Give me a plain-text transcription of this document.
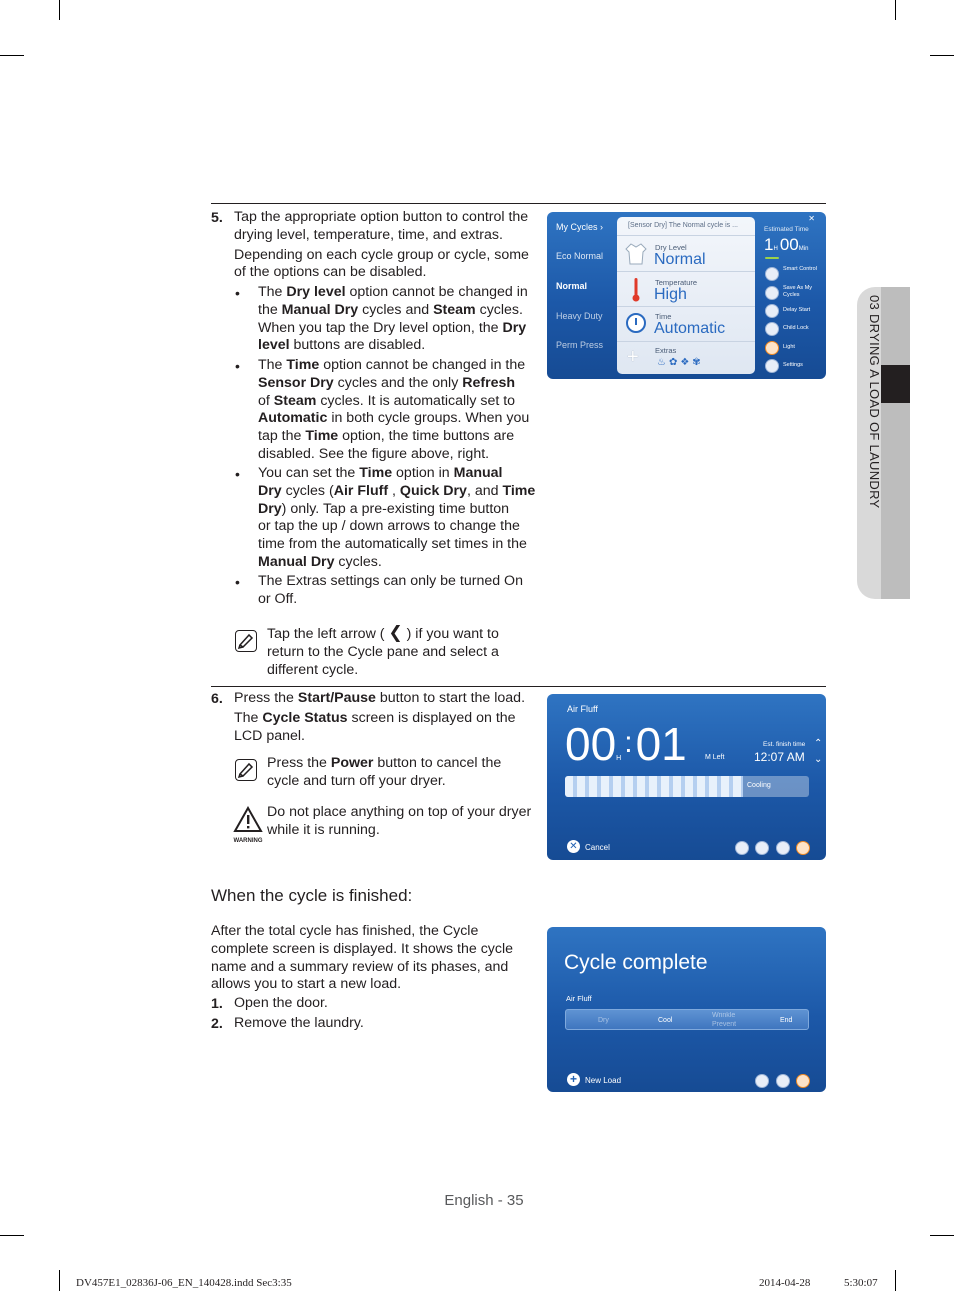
03 DRYING A LOAD OF LAUNDRY
5. Tap the appropriate option button to control the
drying level, temperature, time, and extras.
Depending on each cycle group or cycle, some
of the options can be disabled.
• The Dry level option cannot be changed in
the Manual Dry cycles and Steam cycles.
When you tap the Dry level option, the Dry
level buttons are disabled.
• The Time option cannot be changed in the
Sensor Dry cycles and the only Refresh
of Steam cycles. It is automatically set to
Automatic in both cycle groups. When you
tap the Time option, the time buttons are
disabled. See the figure above, right.
• You can set the Time option in Manual
Dry cycles (Air Fluff , Quick Dry, and Time
Dry) only. Tap a pre-existing time button
or tap the up / down arrows to change the
time from the automatically set times in the
Manual Dry cycles.
• The Extras settings can only be turned On
or Off.
Tap the left arrow ( ❮ ) if you want to
return to the Cycle pane and select a
different cycle.
6. Press the Start/Pause button to start the load.
The Cycle Status screen is displayed on the
LCD panel.
Press the Power button to cancel the
cycle and turn off your dryer.
WARNING
Do not place anything on top of your dryer
while it is running.
When the cycle is finished:
After the total cycle has finished, the Cycle
complete screen is displayed. It shows the cycle
name and a summary review of its phases, and
allows you to start a new load.
1. Open the door.
2. Remove the laundry.
English - 35
DV457E1_02836J-06_EN_140428.indd Sec3:35	2014-04-28	5:30:07
My Cycles ›
Eco Normal
Normal
Heavy Duty
Perm Press
[Sensor Dry] The Normal cycle is ...
Dry Level
Normal
Temperature
High
Time
Automatic
+ Extras
♨✿❖✾
✕
Estimated Time
1H 00Min
Smart Control
Save As My Cycles
Delay Start
Child Lock
Light
Settings
Air Fluff
00H :01	M Left
Est. finish time
12:07 AM
⌃
⌄
Cooling
✕ Cancel
Cycle complete
Air Fluff
Dry	Cool
Wrinkle Prevent
End
+	New Load
